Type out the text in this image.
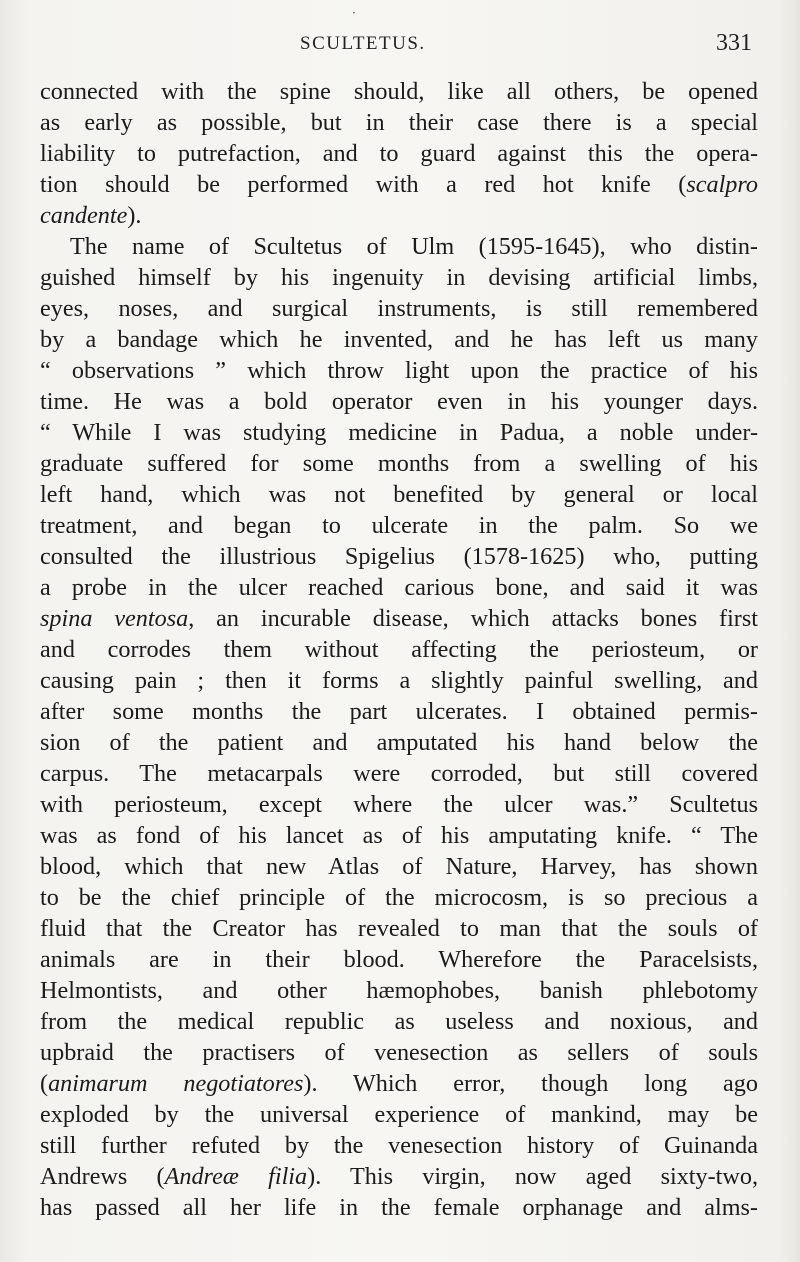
·
SCULTETUS.	331
connected with the spine should, like all others, be opened
as early as possible, but in their case there is a special
liability to putrefaction, and to guard against this the opera-
tion should be performed with a red hot knife (scalpro
candente).
The name of Scultetus of Ulm (1595-1645), who distin-
guished himself by his ingenuity in devising artificial limbs,
eyes, noses, and surgical instruments, is still remembered
by a bandage which he invented, and he has left us many
“ observations ” which throw light upon the practice of his
time. He was a bold operator even in his younger days.
“ While I was studying medicine in Padua, a noble under-
graduate suffered for some months from a swelling of his
left hand, which was not benefited by general or local
treatment, and began to ulcerate in the palm. So we
consulted the illustrious Spigelius (1578-1625) who, putting
a probe in the ulcer reached carious bone, and said it was
spina ventosa, an incurable disease, which attacks bones first
and corrodes them without affecting the periosteum, or
causing pain ; then it forms a slightly painful swelling, and
after some months the part ulcerates. I obtained permis-
sion of the patient and amputated his hand below the
carpus. The metacarpals were corroded, but still covered
with periosteum, except where the ulcer was.” Scultetus
was as fond of his lancet as of his amputating knife. “ The
blood, which that new Atlas of Nature, Harvey, has shown
to be the chief principle of the microcosm, is so precious a
fluid that the Creator has revealed to man that the souls of
animals are in their blood. Wherefore the Paracelsists,
Helmontists, and other hæmophobes, banish phlebotomy
from the medical republic as useless and noxious, and
upbraid the practisers of venesection as sellers of souls
(animarum negotiatores). Which error, though long ago
exploded by the universal experience of mankind, may be
still further refuted by the venesection history of Guinanda
Andrews (Andreæ filia). This virgin, now aged sixty-two,
has passed all her life in the female orphanage and alms-
